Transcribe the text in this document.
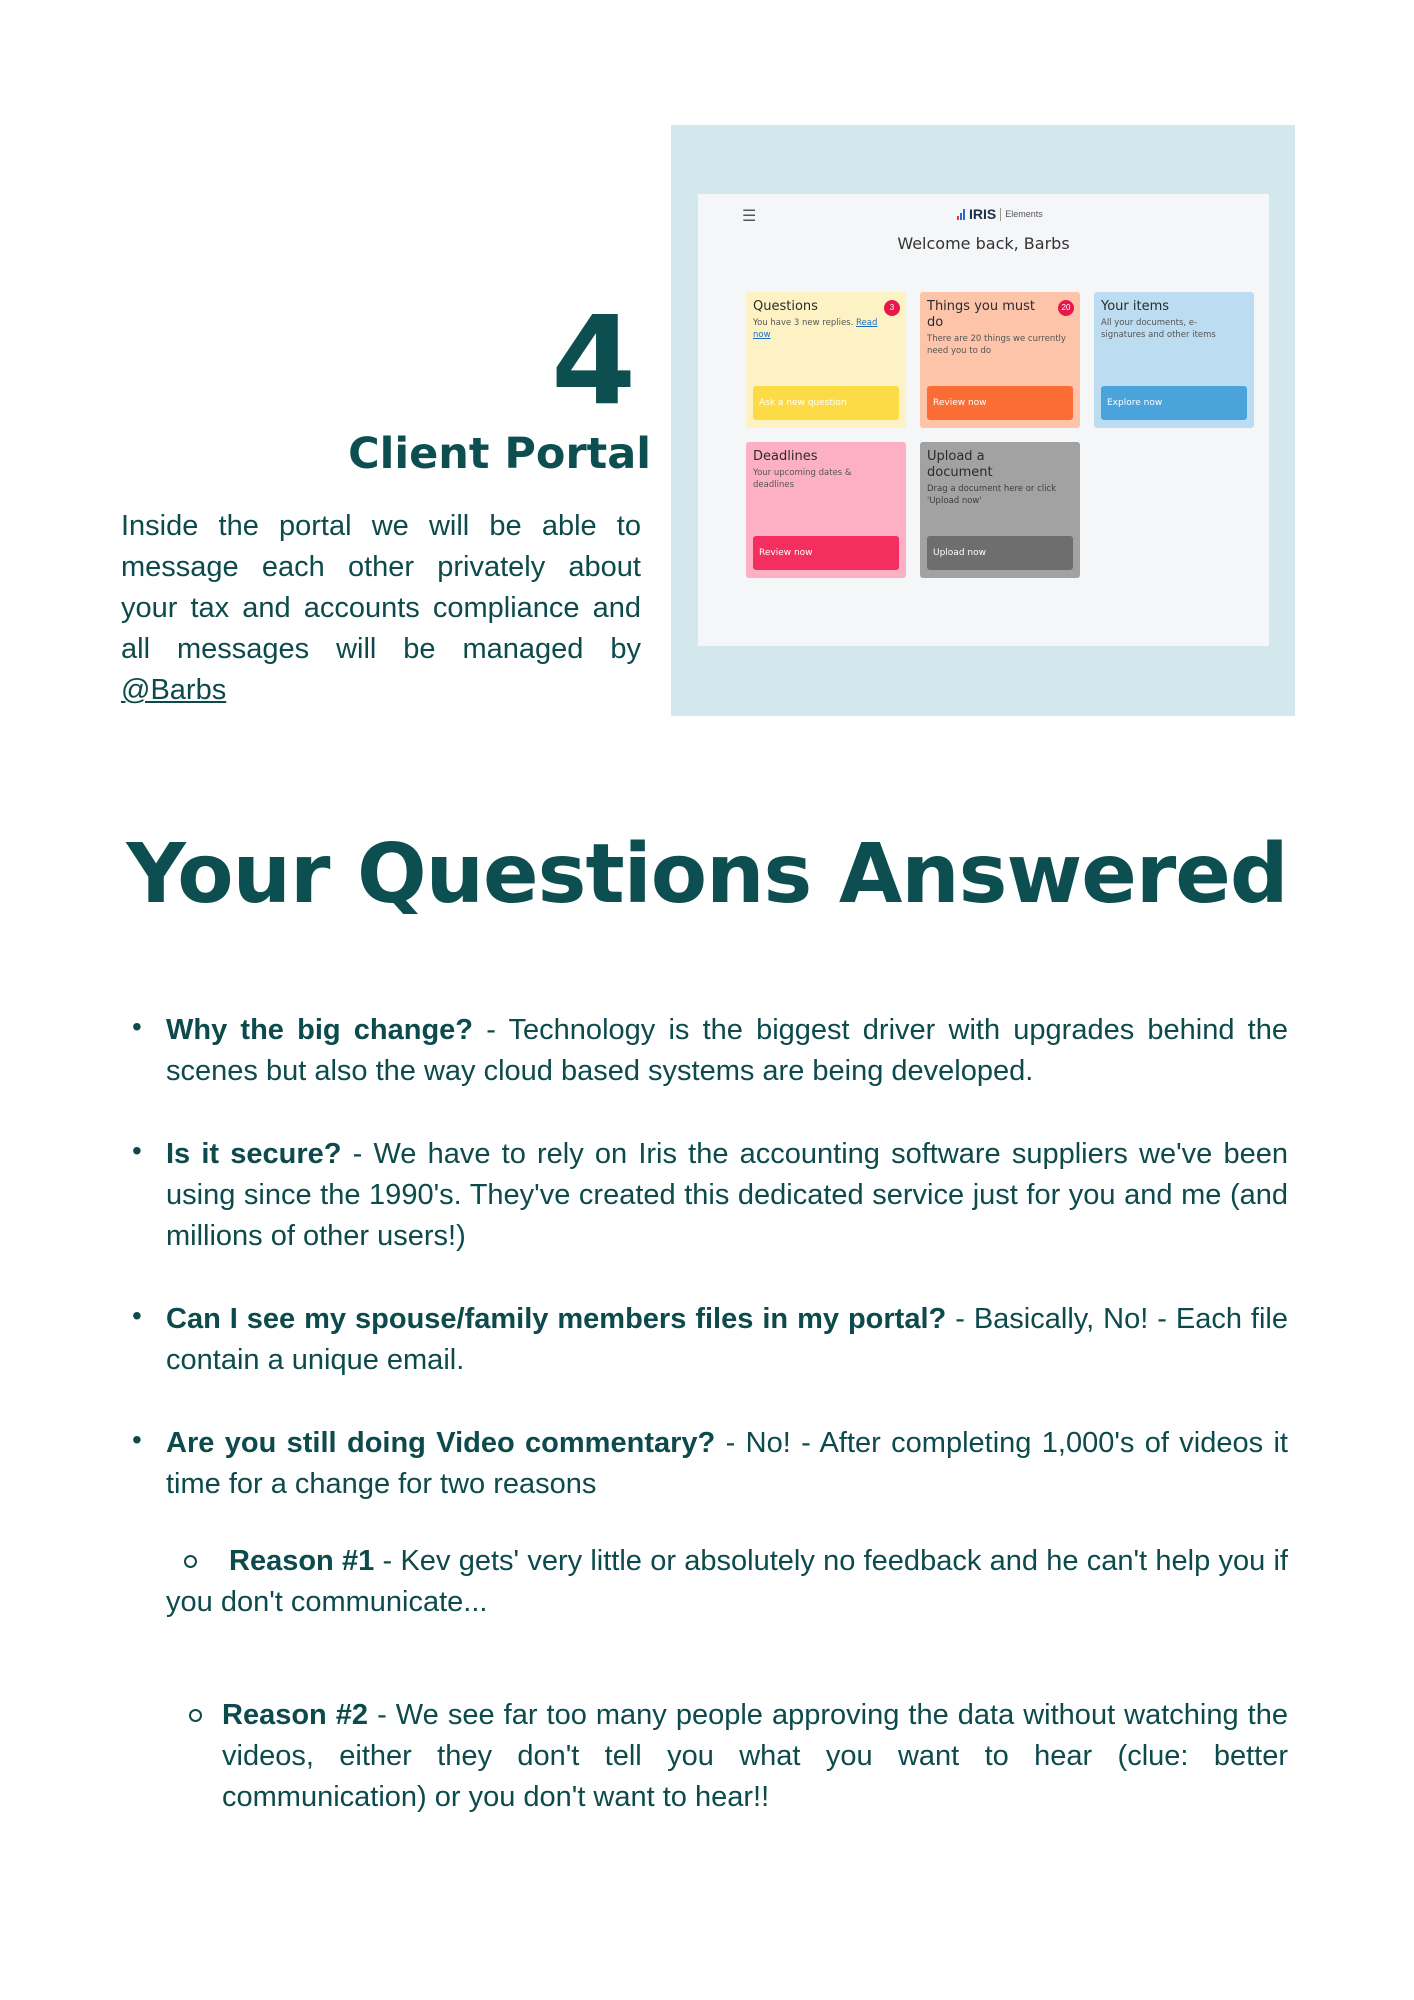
4
Client Portal
Inside the portal we will be able to message each other privately about your tax and accounts compliance and all messages will be managed by @Barbs
☰	IRIS Elements
Welcome back, Barbs
Questions	3
You have 3 new replies. Read now
Ask a new question
Things you must do
20
There are 20 things we currently need you to do
Review now
Your items
All your documents, e-signatures and other items
Explore now
Deadlines
Your upcoming dates & deadlines
Review now
Upload a document
Drag a document here or click 'Upload now'
Upload now
Your Questions Answered
• Why the big change? - Technology is the biggest driver with upgrades behind the scenes but also the way cloud based systems are being developed.
• Is it secure? - We have to rely on Iris the accounting software suppliers we've been using since the 1990's. They've created this dedicated service just for you and me (and millions of other users!)
• Can I see my spouse/family members files in my portal? - Basically, No! - Each file contain a unique email.
• Are you still doing Video commentary? - No! - After completing 1,000's of videos it time for a change for two reasons
Reason #1 - Kev gets' very little or absolutely no feedback and he can't help you if you don't communicate...
Reason #2 - We see far too many people approving the data without watching the videos, either they don't tell you what you want to hear (clue: better communication) or you don't want to hear!!
